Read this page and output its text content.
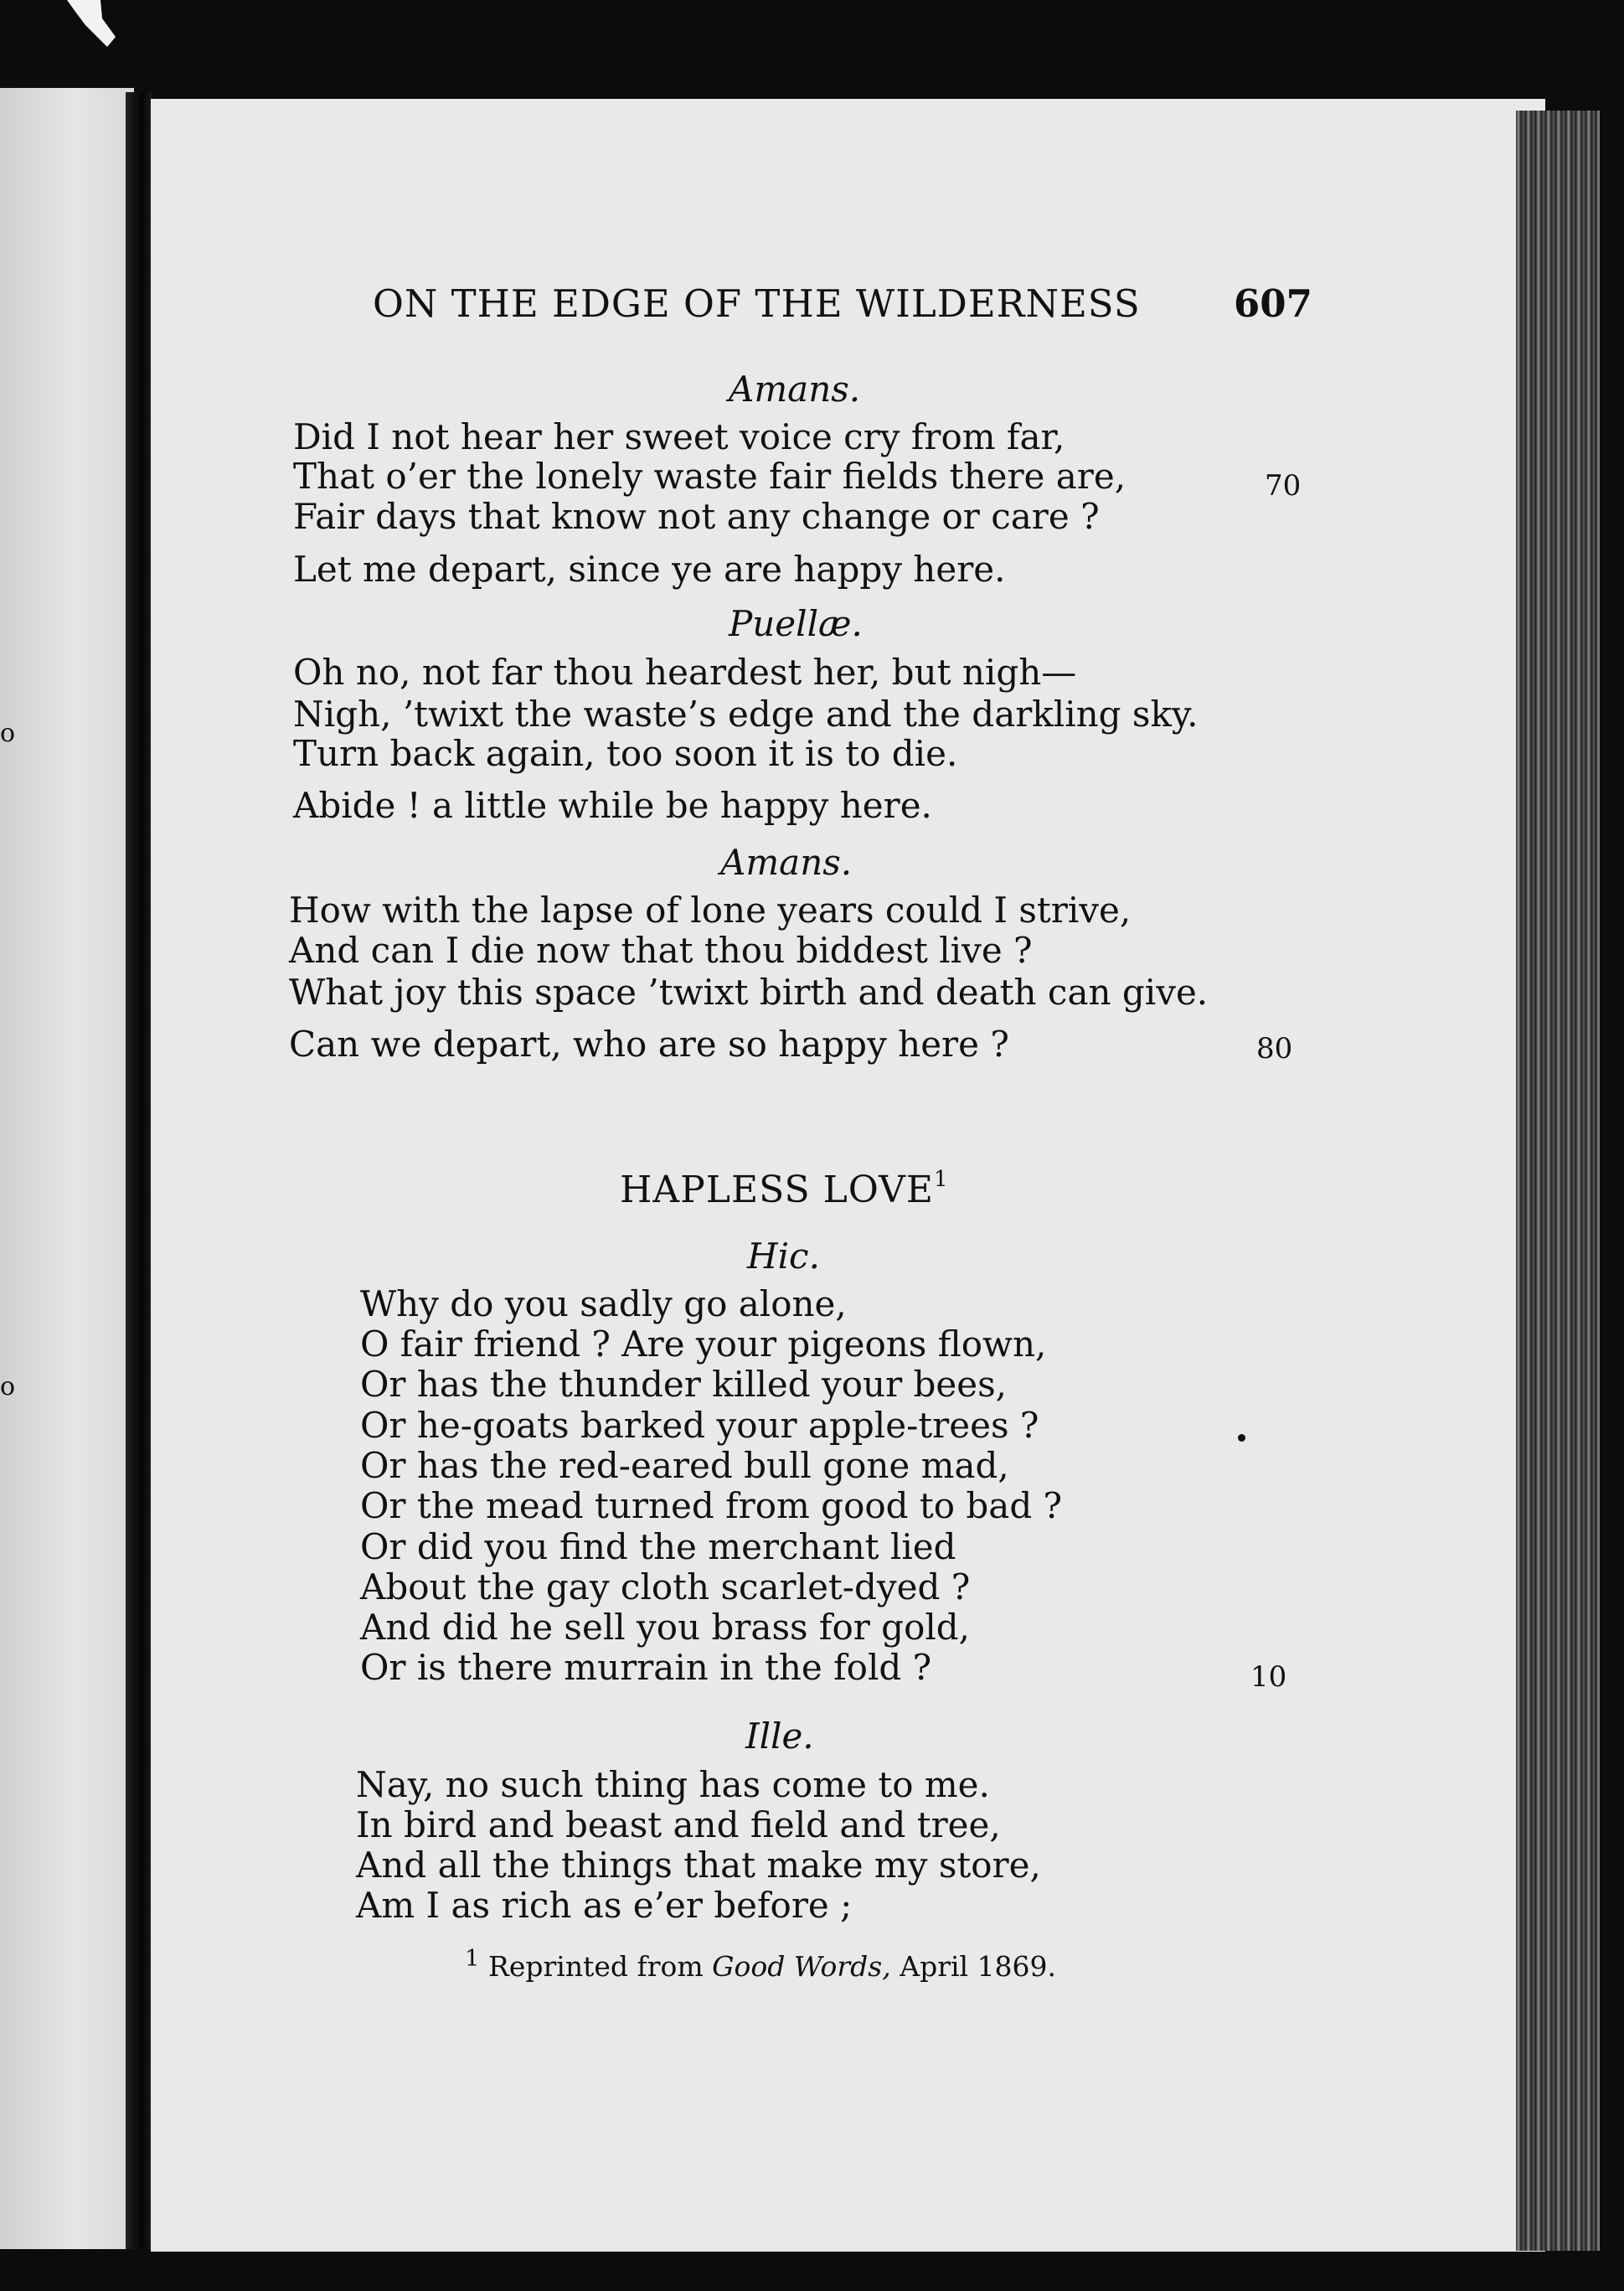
o
o
ON THE EDGE OF THE WILDERNESS 607
Amans.
Did I not hear her sweet voice cry from far,
That o’er the lonely waste fair fields there are,
Fair days that know not any change or care ?
Let me depart, since ye are happy here.
70
Puellæ.
Oh no, not far thou heardest her, but nigh—
Nigh, ’twixt the waste’s edge and the darkling sky.
Turn back again, too soon it is to die.
Abide ! a little while be happy here.
Amans.
How with the lapse of lone years could I strive,
And can I die now that thou biddest live ?
What joy this space ’twixt birth and death can give.
Can we depart, who are so happy here ?	80
HAPLESS LOVE$^1$
Hic.
Why do you sadly go alone,
O fair friend ? Are your pigeons flown,
Or has the thunder killed your bees,
Or he-goats barked your apple-trees ?
Or has the red-eared bull gone mad,
Or the mead turned from good to bad ?
Or did you find the merchant lied
About the gay cloth scarlet-dyed ?
And did he sell you brass for gold,
Or is there murrain in the fold ?	10
Ille.
Nay, no such thing has come to me.
In bird and beast and field and tree,
And all the things that make my store,
Am I as rich as e’er before ;
$^1$ Reprinted from Good Words, April 1869.
